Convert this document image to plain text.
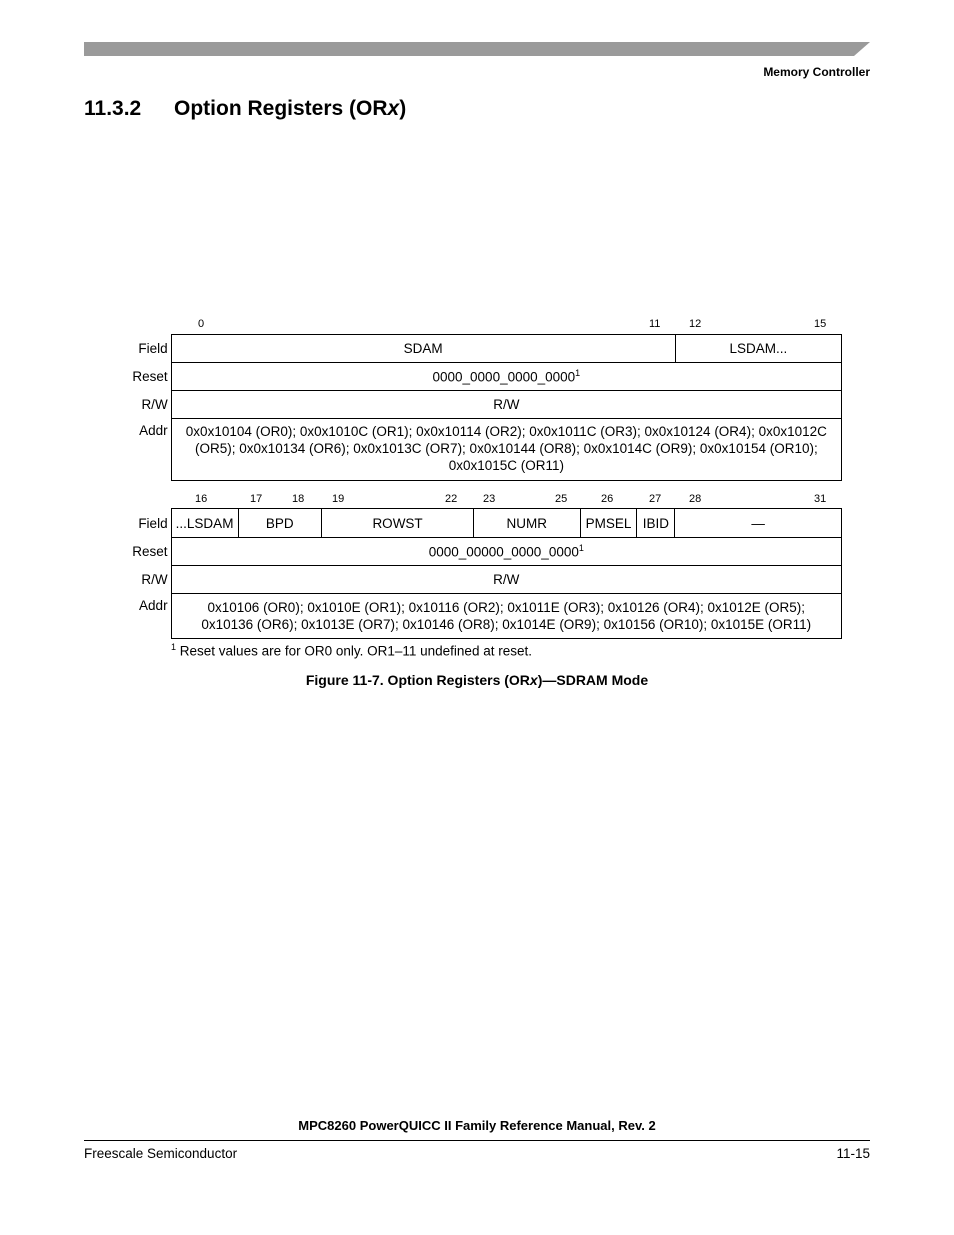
Memory Controller
11.3.2 Option Registers (ORx)
0	11	12	15
Field	SDAM	LSDAM...
Reset	0000_0000_0000_0000$^1$
R/W	R/W	
Addr	0x0x10104 (OR0); 0x0x1010C (OR1); 0x0x10114 (OR2); 0x0x1011C (OR3); 0x0x10124 (OR4); 0x0x1012C
(OR5); 0x0x10134 (OR6); 0x0x1013C (OR7); 0x0x10144 (OR8); 0x0x1014C (OR9); 0x0x10154 (OR10);
0x0x1015C (OR11)	
16	17	18	19	22 23	25	26	27	28	31
Field	...LSDAM	BPD	ROWST	NUMR	PMSEL	IBID	—
Reset	0000_00000_0000_0000$^1$
R/W	R/W						
Addr	0x10106 (OR0); 0x1010E (OR1); 0x10116 (OR2); 0x1011E (OR3); 0x10126 (OR4); 0x1012E (OR5);
0x10136 (OR6); 0x1013E (OR7); 0x10146 (OR8); 0x1014E (OR9); 0x10156 (OR10); 0x1015E (OR11)						
$^1$ Reset values are for OR0 only. OR1–11 undefined at reset.
Figure 11-7. Option Registers (ORx)—SDRAM Mode
MPC8260 PowerQUICC II Family Reference Manual, Rev. 2
Freescale Semiconductor	11-15
